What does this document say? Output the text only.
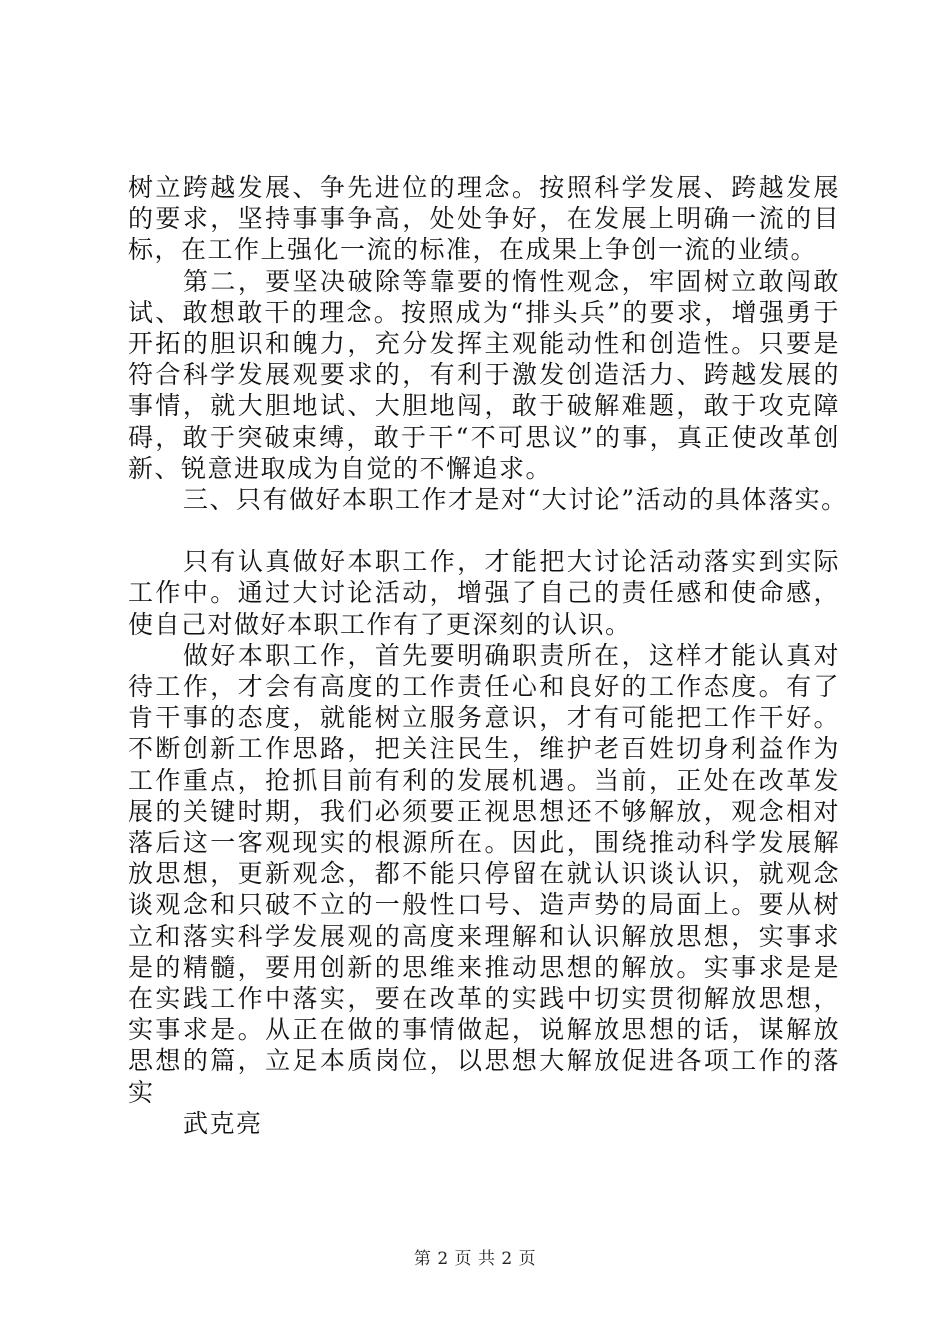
树立跨越发展、争先进位的理念。按照科学发展、跨越发展的要求，坚持事事争高，处处争好，在发展上明确一流的目标，在工作上强化一流的标准，在成果上争创一流的业绩。

第二，要坚决破除等靠要的惰性观念，牢固树立敢闯敢试、敢想敢干的理念。按照成为“排头兵”的要求，增强勇于开拓的胆识和魄力，充分发挥主观能动性和创造性。只要是符合科学发展观要求的，有利于激发创造活力、跨越发展的事情，就大胆地试、大胆地闯，敢于破解难题，敢于攻克障碍，敢于突破束缚，敢于干“不可思议”的事，真正使改革创新、锐意进取成为自觉的不懈追求。

三、只有做好本职工作才是对“大讨论”活动的具体落实。

只有认真做好本职工作，才能把大讨论活动落实到实际工作中。通过大讨论活动，增强了自己的责任感和使命感，使自己对做好本职工作有了更深刻的认识。

做好本职工作，首先要明确职责所在，这样才能认真对待工作，才会有高度的工作责任心和良好的工作态度。有了肯干事的态度，就能树立服务意识，才有可能把工作干好。不断创新工作思路，把关注民生，维护老百姓切身利益作为工作重点，抢抓目前有利的发展机遇。当前，正处在改革发展的关键时期，我们必须要正视思想还不够解放，观念相对落后这一客观现实的根源所在。因此，围绕推动科学发展解放思想，更新观念，都不能只停留在就认识谈认识，就观念谈观念和只破不立的一般性口号、造声势的局面上。要从树立和落实科学发展观的高度来理解和认识解放思想，实事求是的精髓，要用创新的思维来推动思想的解放。实事求是是在实践工作中落实，要在改革的实践中切实贯彻解放思想，实事求是。从正在做的事情做起，说解放思想的话，谋解放思想的篇，立足本质岗位，以思想大解放促进各项工作的落实

武克亮

第 2 页 共 2 页
